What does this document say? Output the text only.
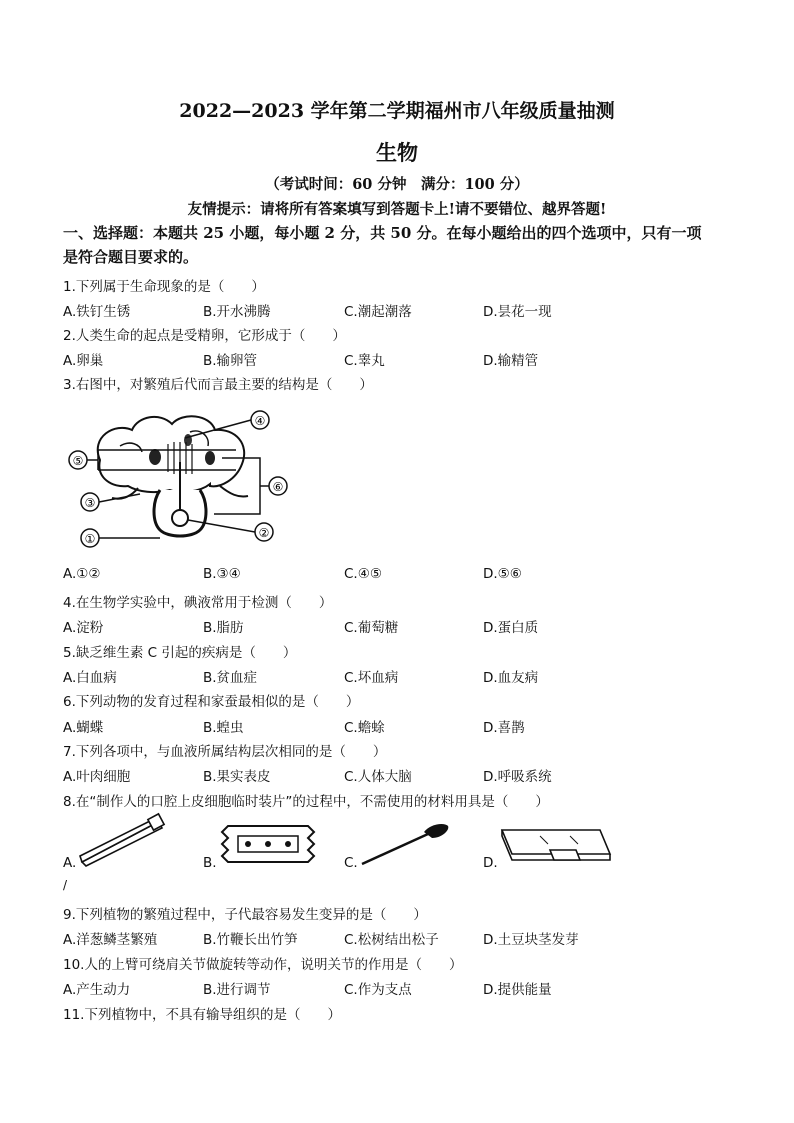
2022—2023 学年第二学期福州市八年级质量抽测
生物
（考试时间：60 分钟　满分：100 分）
友情提示：请将所有答案填写到答题卡上!请不要错位、越界答题!
一、选择题：本题共 25 小题，每小题 2 分，共 50 分。在每小题给出的四个选项中，只有一项
是符合题目要求的。
1.下列属于生命现象的是（　　）
A.铁钉生锈	B.开水沸腾	C.潮起潮落	D.昙花一现
2.人类生命的起点是受精卵，它形成于（　　）
A.卵巢	B.输卵管	C.睾丸	D.输精管
3.右图中，对繁殖后代而言最主要的结构是（　　）
④
⑤
⑥
③
①	②
A.①②	B.③④	C.④⑤	D.⑤⑥
4.在生物学实验中，碘液常用于检测（　　）
A.淀粉	B.脂肪	C.葡萄糖	D.蛋白质
5.缺乏维生素 C 引起的疾病是（　　）
A.白血病	B.贫血症	C.坏血病	D.血友病
6.下列动物的发育过程和家蚕最相似的是（　　）
A.蝴蝶	B.蝗虫	C.蟾蜍	D.喜鹊
7.下列各项中，与血液所属结构层次相同的是（　　）
A.叶肉细胞	B.果实表皮	C.人体大脑	D.呼吸系统
8.在“制作人的口腔上皮细胞临时装片”的过程中，不需使用的材料用具是（　　）
A.	B.	C.	D.
/
9.下列植物的繁殖过程中，子代最容易发生变异的是（　　）
A.洋葱鳞茎繁殖	B.竹鞭长出竹笋	C.松树结出松子	D.土豆块茎发芽
10.人的上臂可绕肩关节做旋转等动作，说明关节的作用是（　　）
A.产生动力	B.进行调节	C.作为支点	D.提供能量
11.下列植物中，不具有输导组织的是（　　）
